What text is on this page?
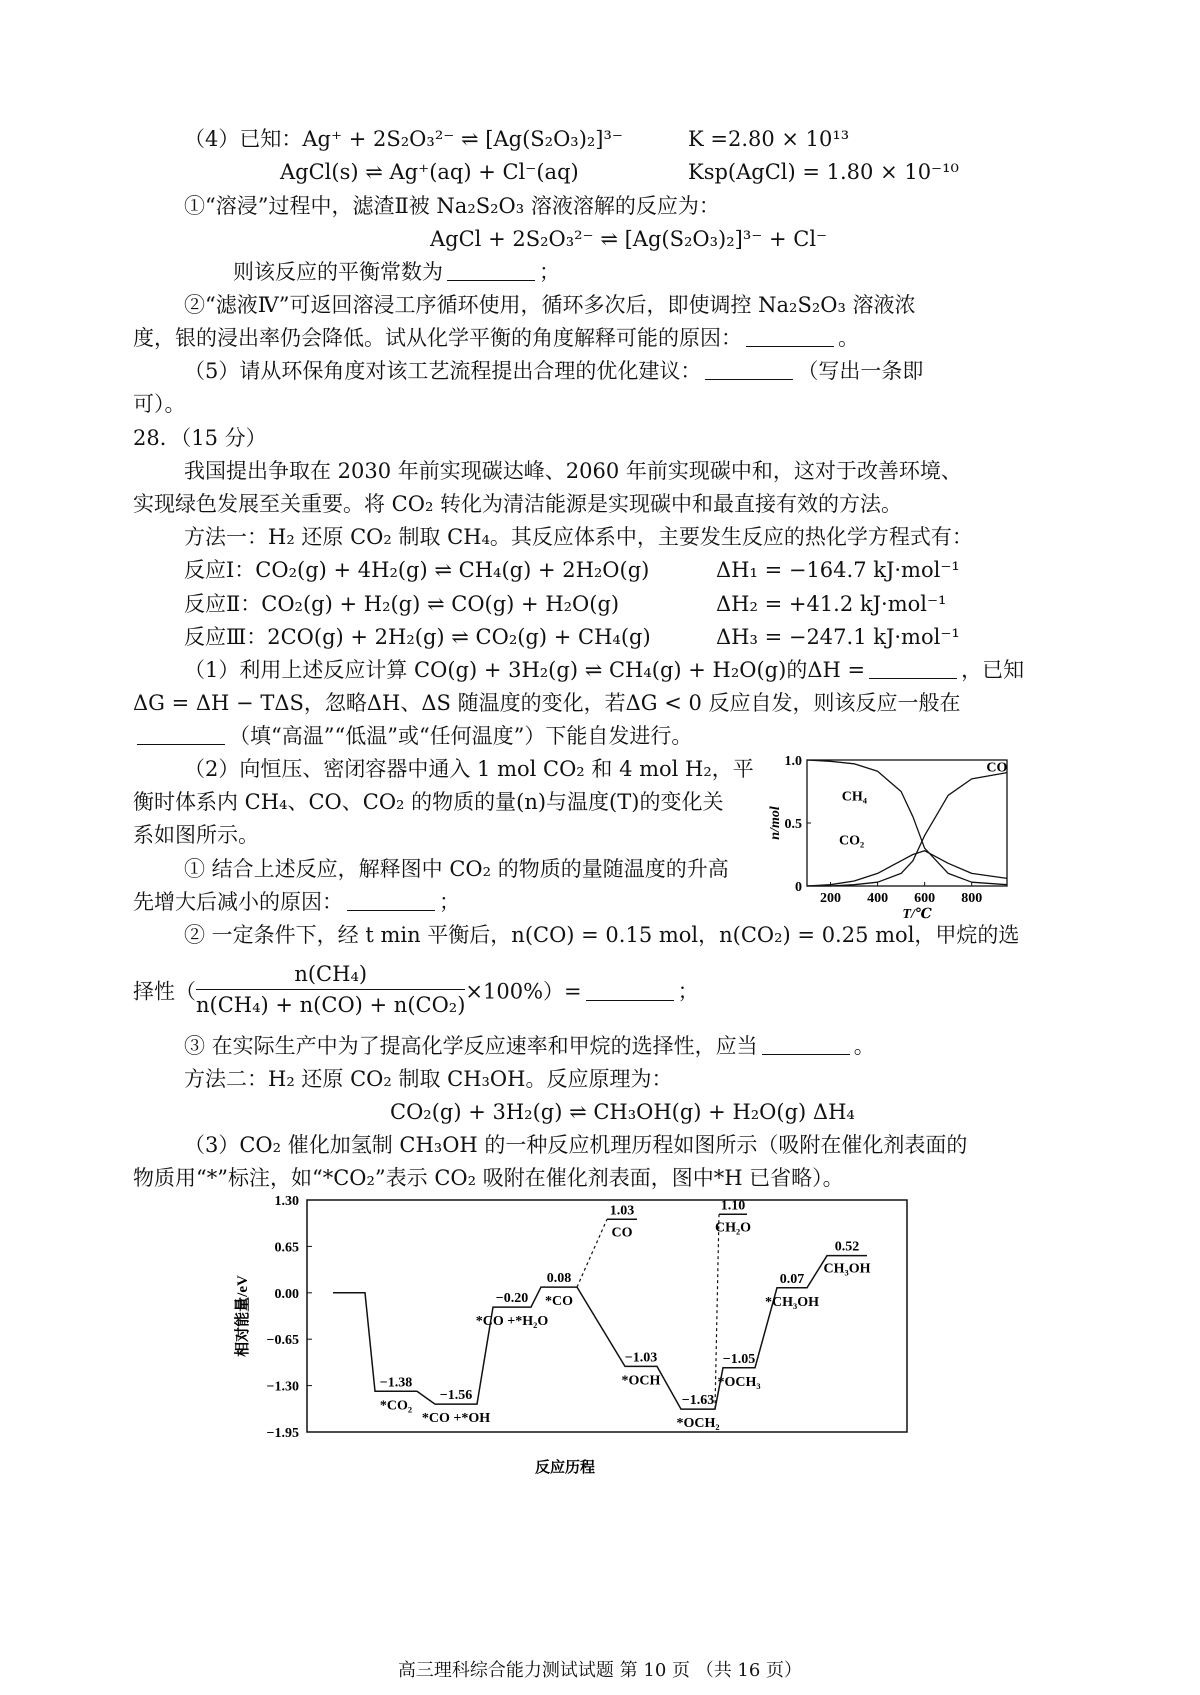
（4）已知：Ag⁺ + 2S₂O₃²⁻ ⇌ [Ag(S₂O₃)₂]³⁻	K =2.80 × 10¹³
AgCl(s) ⇌ Ag⁺(aq) + Cl⁻(aq)	Ksp(AgCl) = 1.80 × 10⁻¹⁰
①“溶浸”过程中，滤渣Ⅱ被 Na₂S₂O₃ 溶液溶解的反应为：
AgCl + 2S₂O₃²⁻ ⇌ [Ag(S₂O₃)₂]³⁻ + Cl⁻
则该反应的平衡常数为	；
②“滤液Ⅳ”可返回溶浸工序循环使用，循环多次后，即使调控 Na₂S₂O₃ 溶液浓
度，银的浸出率仍会降低。试从化学平衡的角度解释可能的原因：	。
（5）请从环保角度对该工艺流程提出合理的优化建议：	（写出一条即
可）。
28．（15 分）
我国提出争取在 2030 年前实现碳达峰、2060 年前实现碳中和，这对于改善环境、
实现绿色发展至关重要。将 CO₂ 转化为清洁能源是实现碳中和最直接有效的方法。
方法一：H₂ 还原 CO₂ 制取 CH₄。其反应体系中，主要发生反应的热化学方程式有：
反应Ⅰ：CO₂(g) + 4H₂(g) ⇌ CH₄(g) + 2H₂O(g)	ΔH₁ = −164.7 kJ·mol⁻¹
反应Ⅱ：CO₂(g) + H₂(g) ⇌ CO(g) + H₂O(g)	ΔH₂ = +41.2 kJ·mol⁻¹
反应Ⅲ：2CO(g) + 2H₂(g) ⇌ CO₂(g) + CH₄(g)	ΔH₃ = −247.1 kJ·mol⁻¹
（1）利用上述反应计算 CO(g) + 3H₂(g) ⇌ CH₄(g) + H₂O(g)的ΔH =	，已知
ΔG = ΔH − TΔS，忽略ΔH、ΔS 随温度的变化，若ΔG < 0 反应自发，则该反应一般在
（填“高温”“低温”或“任何温度”）下能自发进行。
（2）向恒压、密闭容器中通入 1 mol CO₂ 和 4 mol H₂，平
衡时体系内 CH₄、CO、CO₂ 的物质的量(n)与温度(T)的变化关
系如图所示。
① 结合上述反应，解释图中 CO₂ 的物质的量随温度的升高
先增大后减小的原因：	；
② 一定条件下，经 t min 平衡后，n(CO) = 0.15 mol，n(CO₂) = 0.25 mol，甲烷的选
择性（ $\frac{\text{n(CH₄)}}{\text{n(CH₄) + n(CO) + n(CO₂)}} \times 100\%)=$	；
③ 在实际生产中为了提高化学反应速率和甲烷的选择性，应当	。
方法二：H₂ 还原 CO₂ 制取 CH₃OH。反应原理为：
CO₂(g) + 3H₂(g) ⇌ CH₃OH(g) + H₂O(g) ΔH₄
（3）CO₂ 催化加氢制 CH₃OH 的一种反应机理历程如图所示（吸附在催化剂表面的
物质用“*”标注，如“*CO₂”表示 CO₂ 吸附在催化剂表面，图中*H 已省略）。
0
0.5
1.0
200 400 600 800
T/℃
n/mol
CH₄
CO
CO₂
1.30
0.65
0.00
−0.65
−1.30
−1.95
相对能量/eV
反应历程
−1.38
*CO₂
−1.56
*CO +*OH
−0.20
*CO +*H₂O
0.08
*CO
1.03
CO
−1.03
*OCH
−1.63
*OCH₂
1.10
CH₂O
−1.05
*OCH₃
0.07
*CH₃OH
0.52
CH₃OH
高三理科综合能力测试试题 第 10 页 （共 16 页）
